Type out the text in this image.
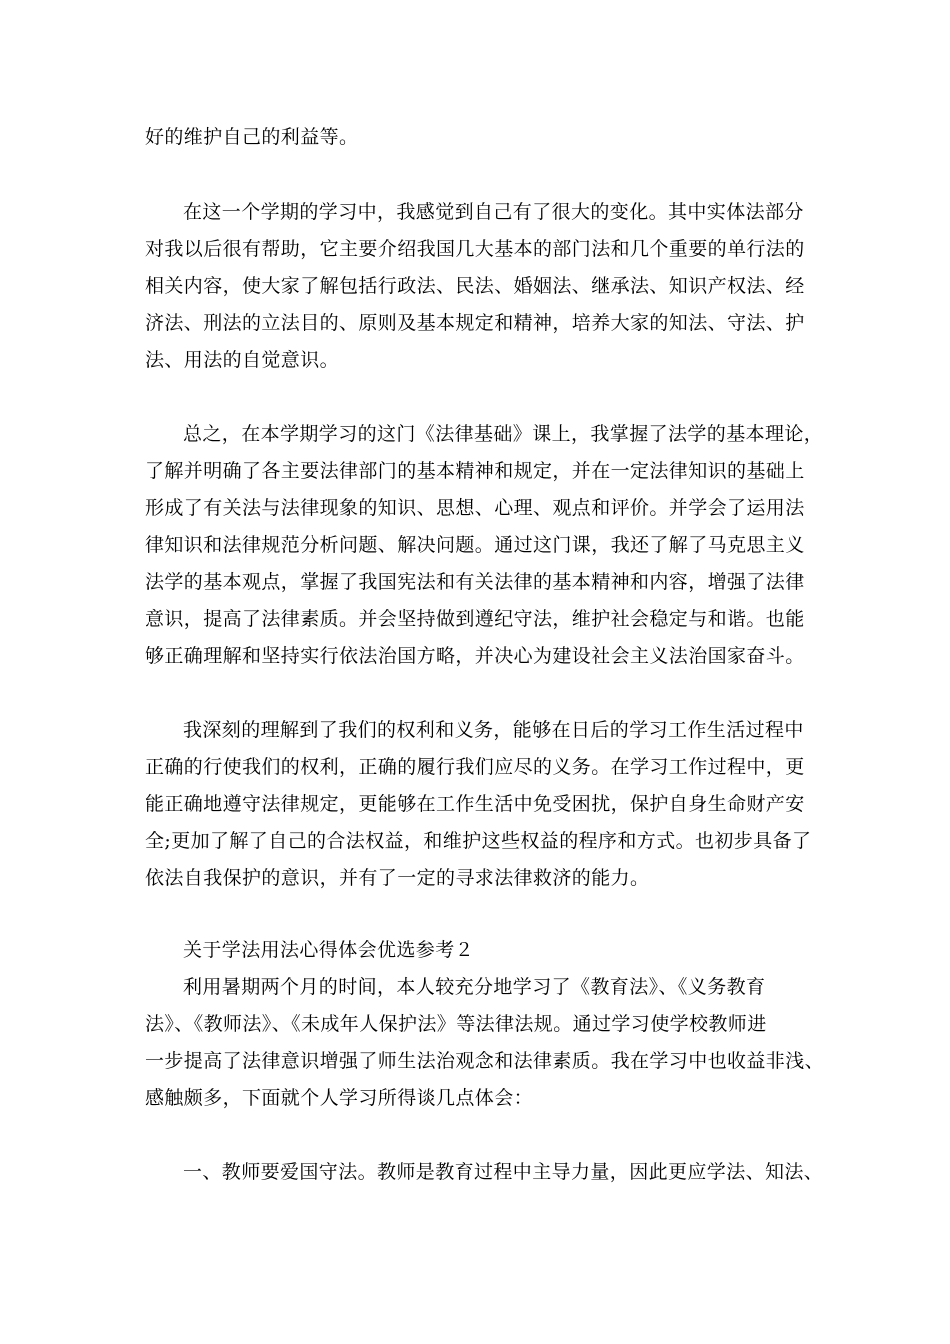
好的维护自己的利益等。
在这一个学期的学习中，我感觉到自己有了很大的变化。其中实体法部分
对我以后很有帮助，它主要介绍我国几大基本的部门法和几个重要的单行法的
相关内容，使大家了解包括行政法、民法、婚姻法、继承法、知识产权法、经
济法、刑法的立法目的、原则及基本规定和精神，培养大家的知法、守法、护
法、用法的自觉意识。
总之，在本学期学习的这门《法律基础》课上，我掌握了法学的基本理论，
了解并明确了各主要法律部门的基本精神和规定，并在一定法律知识的基础上
形成了有关法与法律现象的知识、思想、心理、观点和评价。并学会了运用法
律知识和法律规范分析问题、解决问题。通过这门课，我还了解了马克思主义
法学的基本观点，掌握了我国宪法和有关法律的基本精神和内容，增强了法律
意识，提高了法律素质。并会坚持做到遵纪守法，维护社会稳定与和谐。也能
够正确理解和坚持实行依法治国方略，并决心为建设社会主义法治国家奋斗。
我深刻的理解到了我们的权利和义务，能够在日后的学习工作生活过程中
正确的行使我们的权利，正确的履行我们应尽的义务。在学习工作过程中，更
能正确地遵守法律规定，更能够在工作生活中免受困扰，保护自身生命财产安
全;更加了解了自己的合法权益，和维护这些权益的程序和方式。也初步具备了
依法自我保护的意识，并有了一定的寻求法律救济的能力。
关于学法用法心得体会优选参考２
利用暑期两个月的时间，本人较充分地学习了《教育法》、《义务教育
法》、《教师法》、《未成年人保护法》等法律法规。通过学习使学校教师进
一步提高了法律意识增强了师生法治观念和法律素质。我在学习中也收益非浅、
感触颇多，下面就个人学习所得谈几点体会：
一、教师要爱国守法。教师是教育过程中主导力量，因此更应学法、知法、
